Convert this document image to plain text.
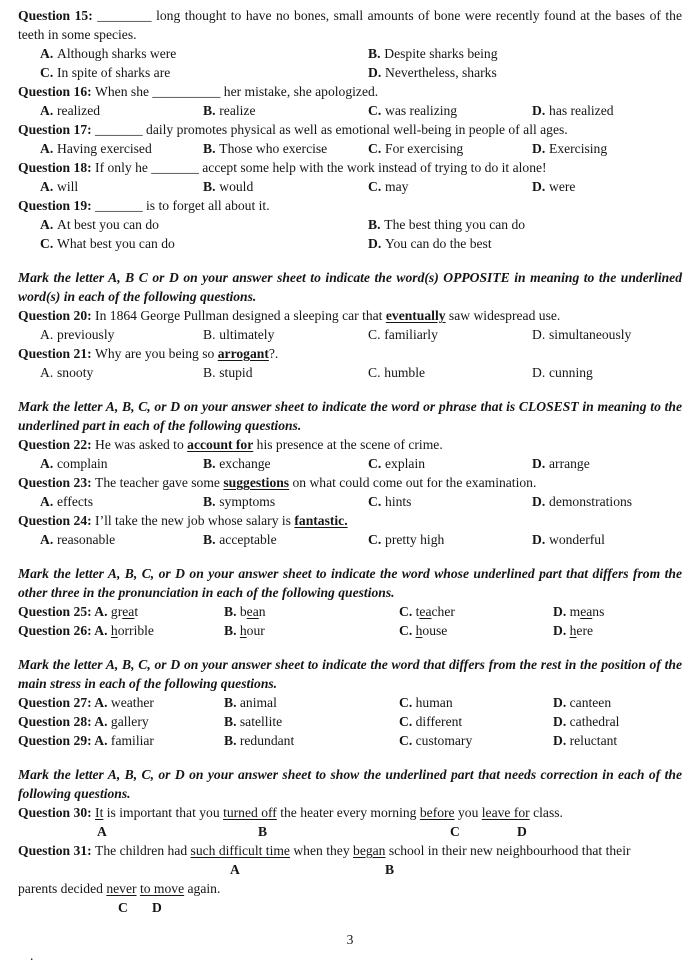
Question 15: ________ long thought to have no bones, small amounts of bone were recently found at the bases of the teeth in some species.

A. Although sharks were	B. Despite sharks being
C. In spite of sharks are	D. Nevertheless, sharks

Question 16: When she __________ her mistake, she apologized.

A. realized	B. realize	C. was realizing	D. has realized

Question 17: _______ daily promotes physical as well as emotional well-being in people of all ages.

A. Having exercised	B. Those who exercise	C. For exercising	D. Exercising

Question 18: If only he _______ accept some help with the work instead of trying to do it alone!

A. will	B. would	C. may	D. were

Question 19: _______ is to forget all about it.

A. At best you can do	B. The best thing you can do
C. What best you can do	D. You can do the best

Mark the letter A, B C or D on your answer sheet to indicate the word(s) OPPOSITE in meaning to the underlined word(s) in each of the following questions.

Question 20: In 1864 George Pullman designed a sleeping car that eventually saw widespread use.

A. previously	B. ultimately	C. familiarly	D. simultaneously

Question 21: Why are you being so arrogant?.

A. snooty	B. stupid	C. humble	D. cunning

Mark the letter A, B, C, or D on your answer sheet to indicate the word or phrase that is CLOSEST in meaning to the underlined part in each of the following questions.

Question 22: He was asked to account for his presence at the scene of crime.

A. complain	B. exchange	C. explain	D. arrange

Question 23: The teacher gave some suggestions on what could come out for the examination.

A. effects	B. symptoms	C. hints	D. demonstrations

Question 24: I’ll take the new job whose salary is fantastic.

A. reasonable	B. acceptable	C. pretty high	D. wonderful

Mark the letter A, B, C, or D on your answer sheet to indicate the word whose underlined part that differs from the other three in the pronunciation in each of the following questions.

Question 25: A. great	B. bean	C. teacher	D. means
Question 26: A. horrible	B. hour	C. house	D. here

Mark the letter A, B, C, or D on your answer sheet to indicate the word that differs from the rest in the position of the main stress in each of the following questions.

Question 27: A. weather	B. animal	C. human	D. canteen
Question 28: A. gallery	B. satellite	C. different	D. cathedral
Question 29: A. familiar	B. redundant	C. customary	D. reluctant

Mark the letter A, B, C, or D on your answer sheet to show the underlined part that needs correction in each of the following questions.

Question 30: It is important that you turned off the heater every morning before you leave for class.

A	B	C	D

Question 31: The children had such difficult time when they began school in their new neighbourhood that their

A	B

parents decided never to move again.

C D
3
.
